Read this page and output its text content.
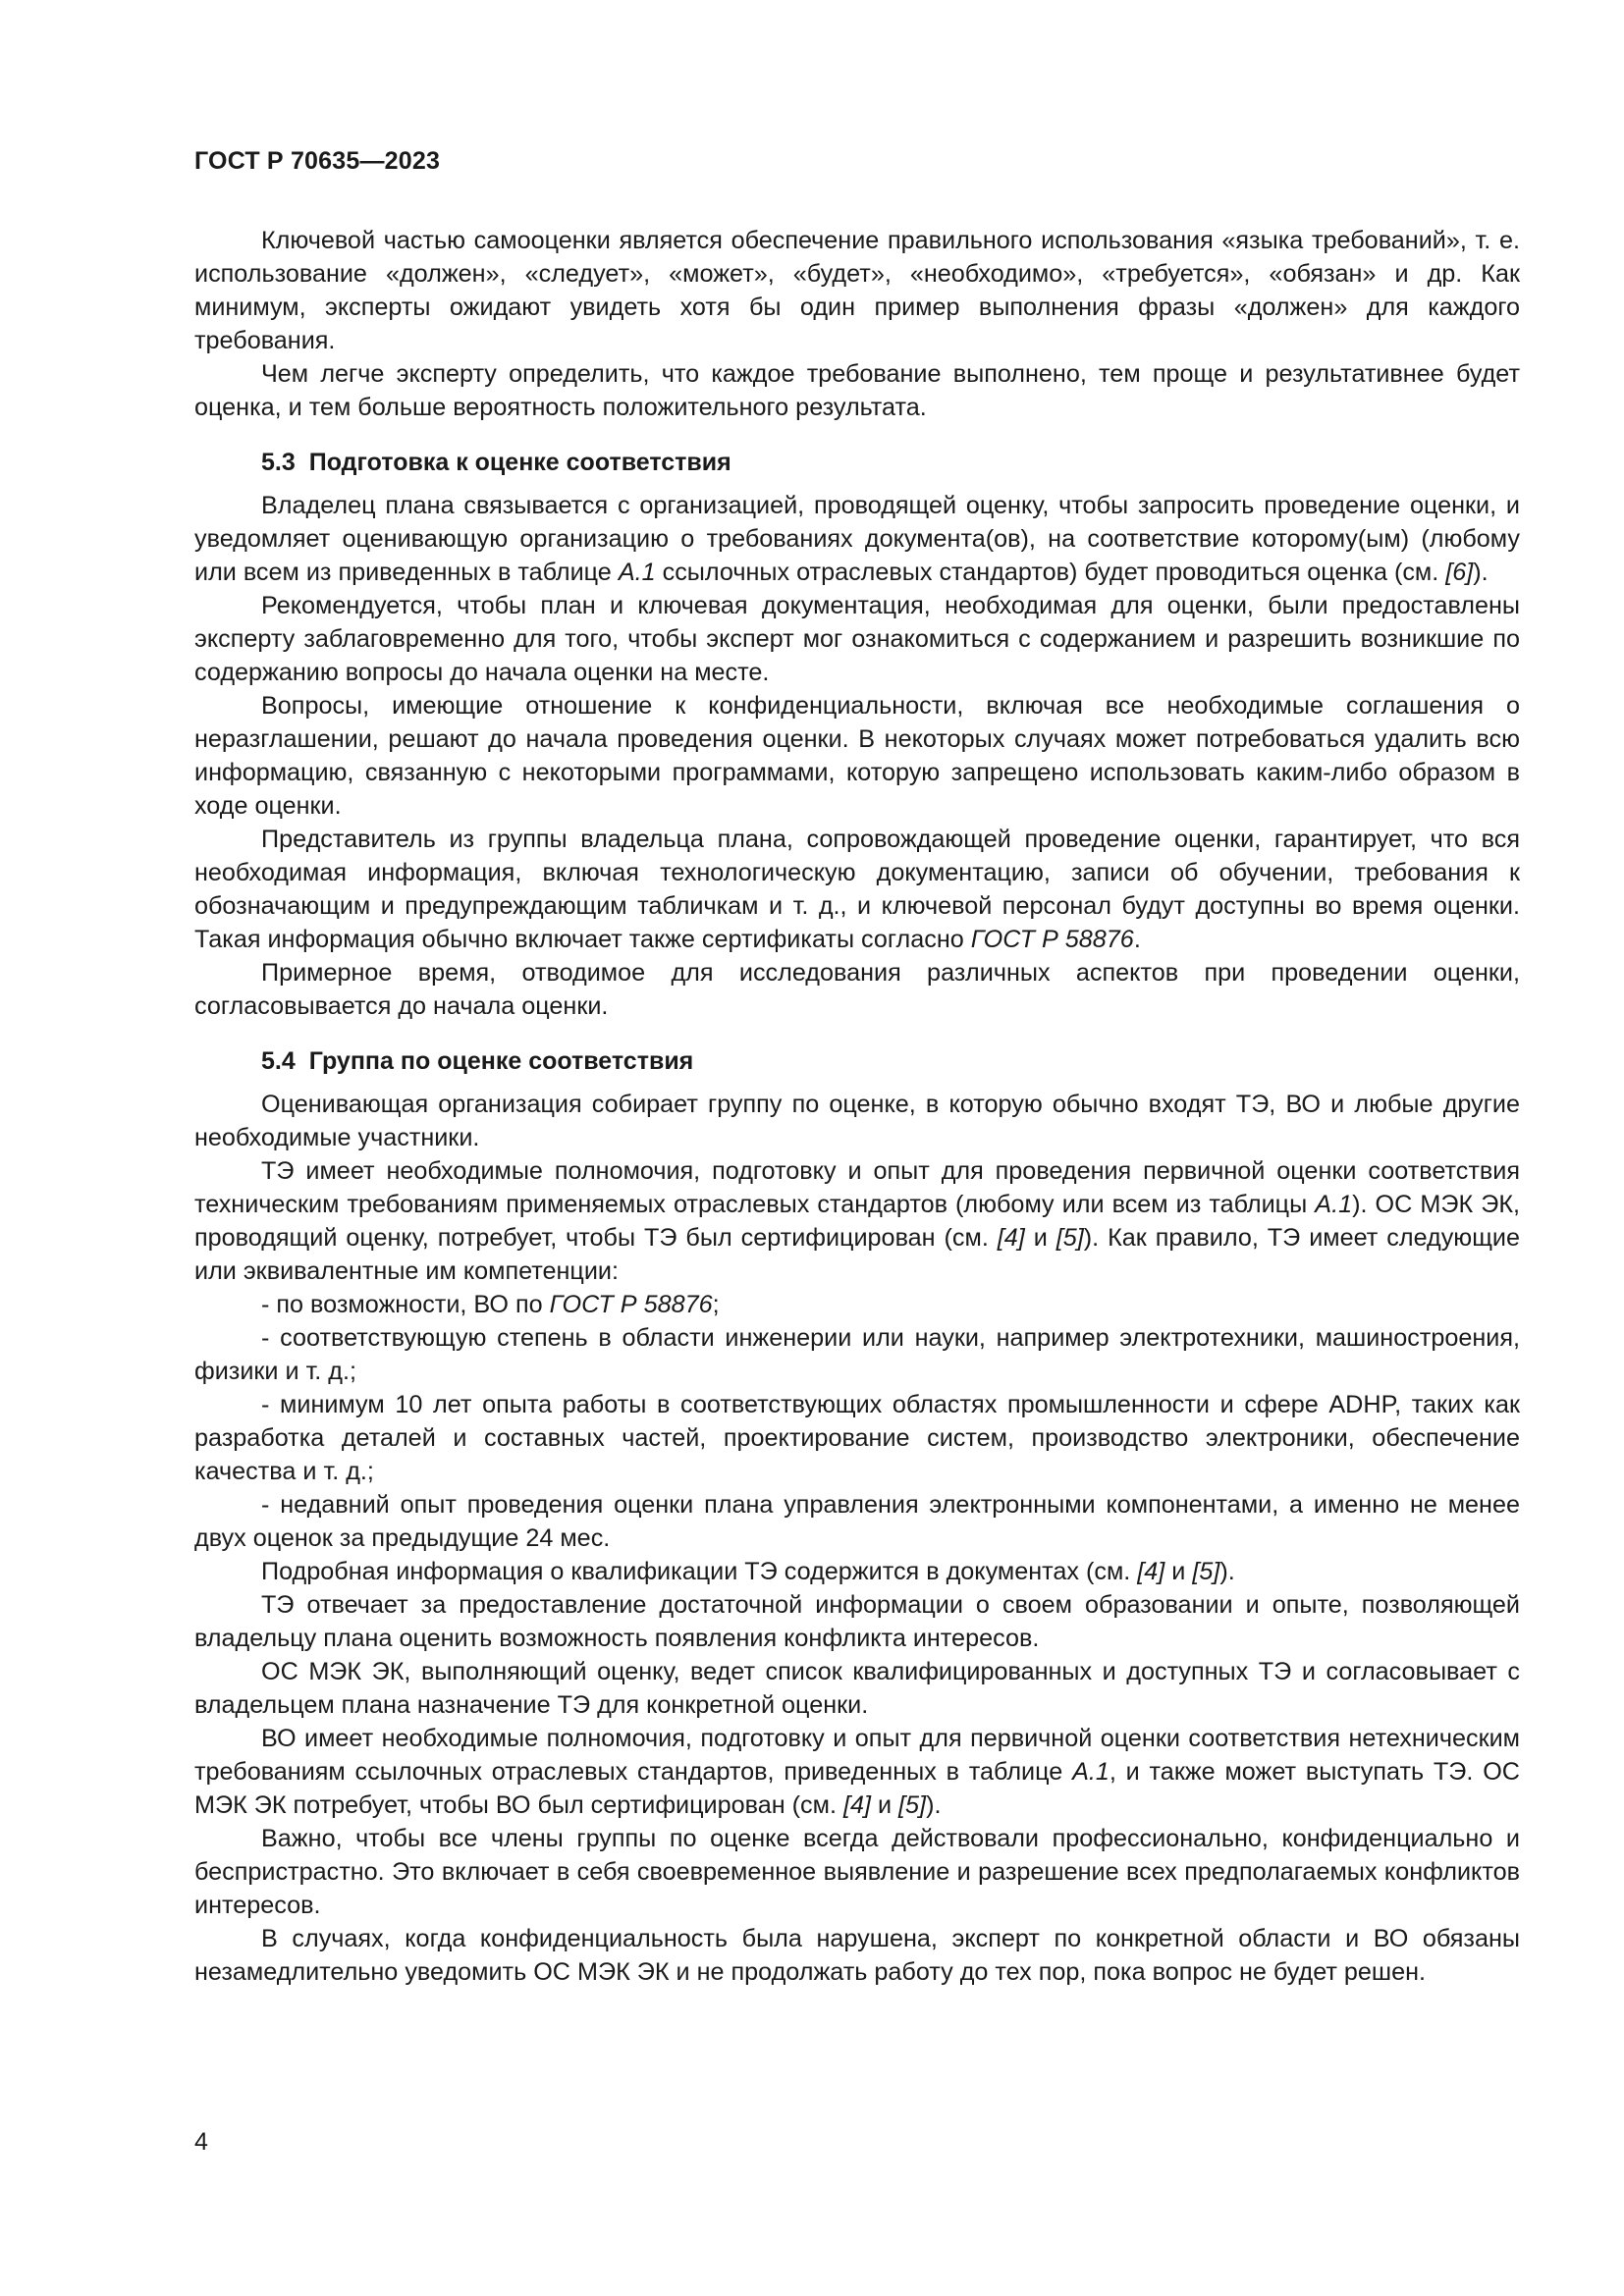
ГОСТ Р 70635—2023

Ключевой частью самооценки является обеспечение правильного использования «языка требований», т. е. использование «должен», «следует», «может», «будет», «необходимо», «требуется», «обязан» и др. Как минимум, эксперты ожидают увидеть хотя бы один пример выполнения фразы «должен» для каждого требования.

Чем легче эксперту определить, что каждое требование выполнено, тем проще и результативнее будет оценка, и тем больше вероятность положительного результата.

5.3 Подготовка к оценке соответствия

Владелец плана связывается с организацией, проводящей оценку, чтобы запросить проведение оценки, и уведомляет оценивающую организацию о требованиях документа(ов), на соответствие которому(ым) (любому или всем из приведенных в таблице А.1 ссылочных отраслевых стандартов) будет проводиться оценка (см. [6]).

Рекомендуется, чтобы план и ключевая документация, необходимая для оценки, были предоставлены эксперту заблаговременно для того, чтобы эксперт мог ознакомиться с содержанием и разрешить возникшие по содержанию вопросы до начала оценки на месте.

Вопросы, имеющие отношение к конфиденциальности, включая все необходимые соглашения о неразглашении, решают до начала проведения оценки. В некоторых случаях может потребоваться удалить всю информацию, связанную с некоторыми программами, которую запрещено использовать каким-либо образом в ходе оценки.

Представитель из группы владельца плана, сопровождающей проведение оценки, гарантирует, что вся необходимая информация, включая технологическую документацию, записи об обучении, требования к обозначающим и предупреждающим табличкам и т. д., и ключевой персонал будут доступны во время оценки. Такая информация обычно включает также сертификаты согласно ГОСТ Р 58876.

Примерное время, отводимое для исследования различных аспектов при проведении оценки, согласовывается до начала оценки.

5.4 Группа по оценке соответствия

Оценивающая организация собирает группу по оценке, в которую обычно входят ТЭ, ВО и любые другие необходимые участники.

ТЭ имеет необходимые полномочия, подготовку и опыт для проведения первичной оценки соответствия техническим требованиям применяемых отраслевых стандартов (любому или всем из таблицы А.1). ОС МЭК ЭК, проводящий оценку, потребует, чтобы ТЭ был сертифицирован (см. [4] и [5]). Как правило, ТЭ имеет следующие или эквивалентные им компетенции:

- по возможности, ВО по ГОСТ Р 58876;

- соответствующую степень в области инженерии или науки, например электротехники, машиностроения, физики и т. д.;

- минимум 10 лет опыта работы в соответствующих областях промышленности и сфере ADHP, таких как разработка деталей и составных частей, проектирование систем, производство электроники, обеспечение качества и т. д.;

- недавний опыт проведения оценки плана управления электронными компонентами, а именно не менее двух оценок за предыдущие 24 мес.

Подробная информация о квалификации ТЭ содержится в документах (см. [4] и [5]).

ТЭ отвечает за предоставление достаточной информации о своем образовании и опыте, позволяющей владельцу плана оценить возможность появления конфликта интересов.

ОС МЭК ЭК, выполняющий оценку, ведет список квалифицированных и доступных ТЭ и согласовывает с владельцем плана назначение ТЭ для конкретной оценки.

ВО имеет необходимые полномочия, подготовку и опыт для первичной оценки соответствия нетехническим требованиям ссылочных отраслевых стандартов, приведенных в таблице А.1, и также может выступать ТЭ. ОС МЭК ЭК потребует, чтобы ВО был сертифицирован (см. [4] и [5]).

Важно, чтобы все члены группы по оценке всегда действовали профессионально, конфиденциально и беспристрастно. Это включает в себя своевременное выявление и разрешение всех предполагаемых конфликтов интересов.

В случаях, когда конфиденциальность была нарушена, эксперт по конкретной области и ВО обязаны незамедлительно уведомить ОС МЭК ЭК и не продолжать работу до тех пор, пока вопрос не будет решен.

4
